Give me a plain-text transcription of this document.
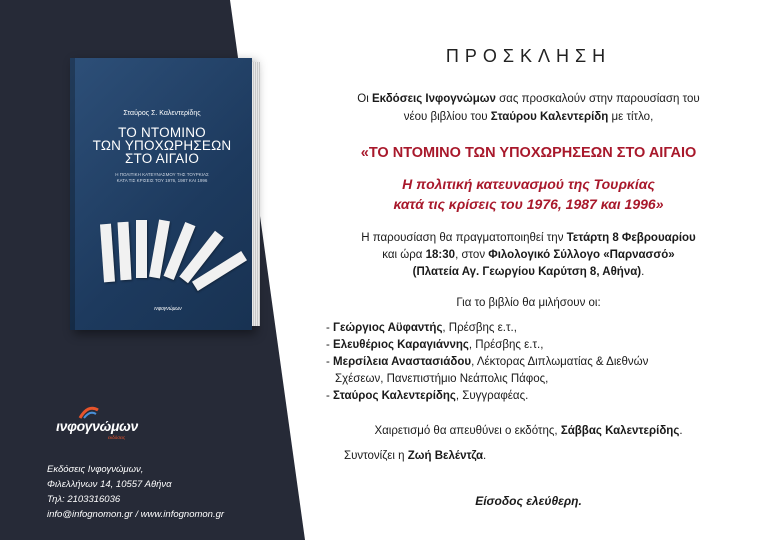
Σταύρος Σ. Καλεντερίδης
ΤΟ ΝΤΟΜΙΝΟ
ΤΩΝ ΥΠΟΧΩΡΗΣΕΩΝ
ΣΤΟ ΑΙΓΑΙΟ
Η ΠΟΛΙΤΙΚΗ ΚΑΤΕΥΝΑΣΜΟΥ ΤΗΣ ΤΟΥΡΚΙΑΣ
ΚΑΤΑ ΤΙΣ ΚΡΙΣΕΙΣ ΤΟΥ 1976, 1987 ΚΑΙ 1996
ινφογνώμων
ινφογνώμων
εκδόσεις
Εκδόσεις Ινφογνώμων,
Φιλελλήνων 14, 10557 Αθήνα
Τηλ: 2103316036
info@infognomon.gr / www.infognomon.gr
ΠΡΟΣΚΛΗΣΗ
Οι Εκδόσεις Ινφογνώμων σας προσκαλούν στην παρουσίαση του
νέου βιβλίου του Σταύρου Καλεντερίδη με τίτλο,
«ΤΟ ΝΤΟΜΙΝΟ ΤΩΝ ΥΠΟΧΩΡΗΣΕΩΝ ΣΤΟ ΑΙΓΑΙΟ
Η πολιτική κατευνασμού της Τουρκίας
κατά τις κρίσεις του 1976, 1987 και 1996»
Η παρουσίαση θα πραγματοποιηθεί την Τετάρτη 8 Φεβρουαρίου
και ώρα 18:30, στον Φιλολογικό Σύλλογο «Παρνασσό»
(Πλατεία Αγ. Γεωργίου Καρύτση 8, Αθήνα).
Για το βιβλίο θα μιλήσουν οι:
- Γεώργιος Αϋφαντής, Πρέσβης ε.τ.,
- Ελευθέριος Καραγιάννης, Πρέσβης ε.τ.,
- Μερσίλεια Αναστασιάδου, Λέκτορας Διπλωματίας & Διεθνών
Σχέσεων, Πανεπιστήμιο Νεάπολις Πάφος,
- Σταύρος Καλεντερίδης, Συγγραφέας.
Χαιρετισμό θα απευθύνει ο εκδότης, Σάββας Καλεντερίδης.
Συντονίζει η Ζωή Βελέντζα.
Είσοδος ελεύθερη.
